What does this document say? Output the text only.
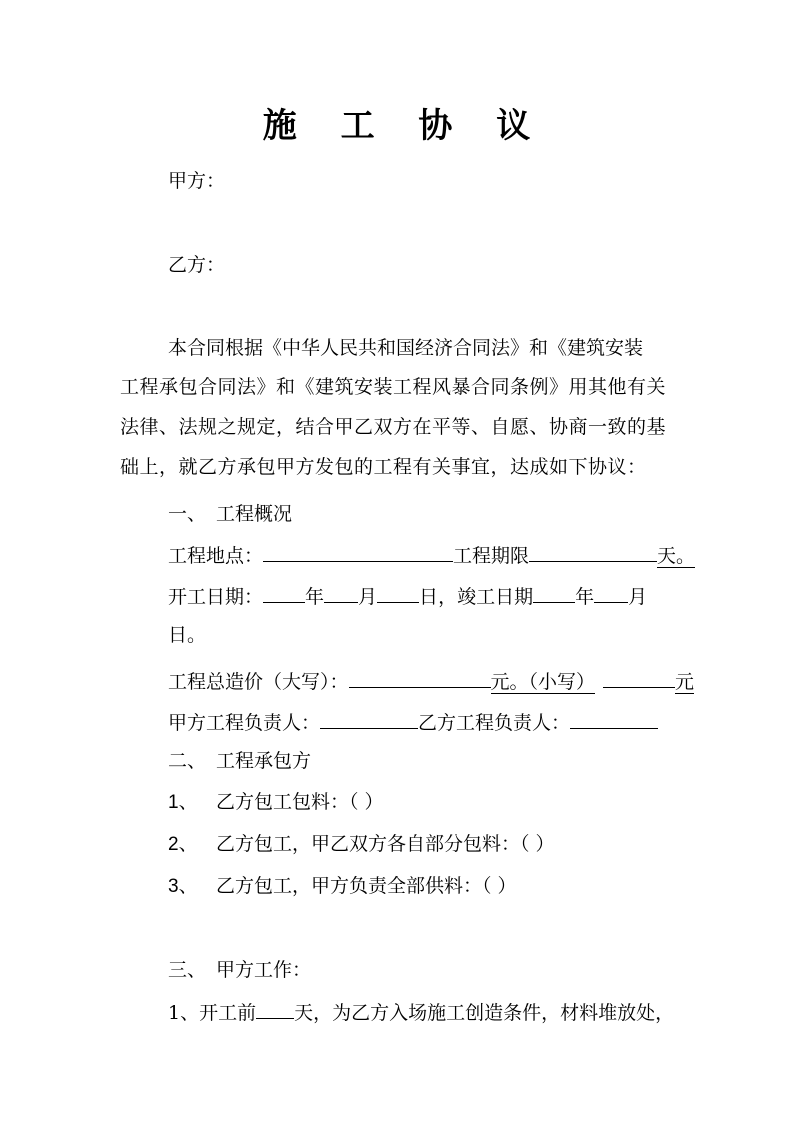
施 工 协 议
甲方：
乙方：
本合同根据《中华人民共和国经济合同法》和《建筑安装
工程承包合同法》和《建筑安装工程风暴合同条例》用其他有关
法律、法规之规定，结合甲乙双方在平等、自愿、协商一致的基
础上，就乙方承包甲方发包的工程有关事宜，达成如下协议：
一、 工程概况
工程地点：	工程期限	天。
开工日期： 年 月 日，竣工日期 年 月
日。
工程总造价（大写）：	元。（小写）	元
甲方工程负责人：	乙方工程负责人：
二、 工程承包方
1、 乙方包工包料：（ ）
2、 乙方包工，甲乙双方各自部分包料：（ ）
3、 乙方包工，甲方负责全部供料：（ ）
三、 甲方工作：
1、开工前 天，为乙方入场施工创造条件，材料堆放处，
